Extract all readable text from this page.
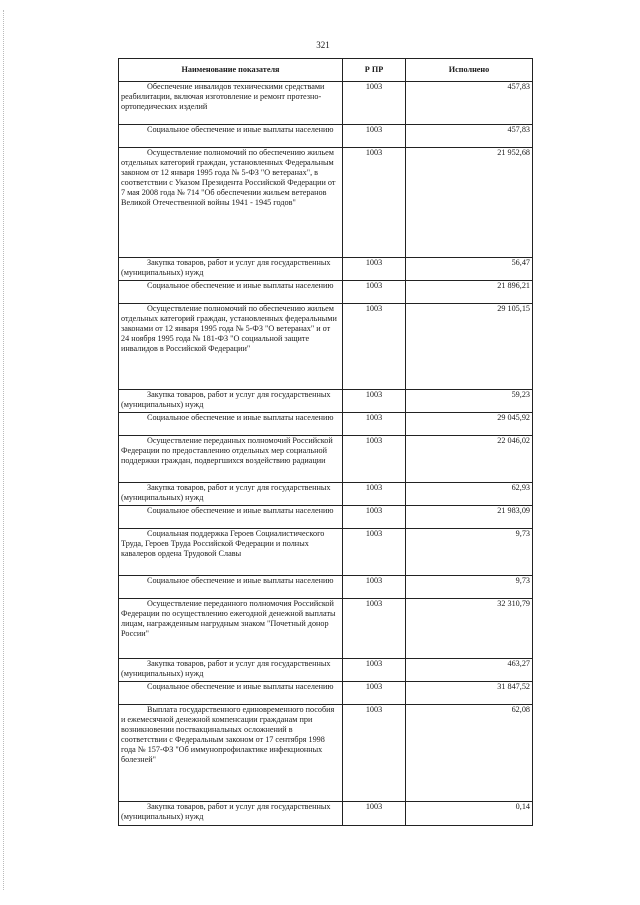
321
Наименование показателя	Р ПР	Исполнено
Обеспечение инвалидов техническими средствами реабилитации, включая изготовление и ремонт протезно-ортопедических изделий	1003	457,83
Социальное обеспечение и иные выплаты населению	1003	457,83
Осуществление полномочий по обеспечению жильем отдельных категорий граждан, установленных Федеральным законом от 12 января 1995 года № 5-ФЗ "О ветеранах", в соответствии с Указом Президента Российской Федерации от 7 мая 2008 года № 714 "Об обеспечении жильем ветеранов Великой Отечественной войны 1941 - 1945 годов"	1003	21 952,68
Закупка товаров, работ и услуг для государственных (муниципальных) нужд	1003	56,47
Социальное обеспечение и иные выплаты населению	1003	21 896,21
Осуществление полномочий по обеспечению жильем отдельных категорий граждан, установленных федеральными законами от 12 января 1995 года № 5-ФЗ "О ветеранах" и от 24 ноября 1995 года № 181-ФЗ "О социальной защите инвалидов в Российской Федерации"	1003	29 105,15
Закупка товаров, работ и услуг для государственных (муниципальных) нужд	1003	59,23
Социальное обеспечение и иные выплаты населению	1003	29 045,92
Осуществление переданных полномочий Российской Федерации по предоставлению отдельных мер социальной поддержки граждан, подвергшихся воздействию радиации	1003	22 046,02
Закупка товаров, работ и услуг для государственных (муниципальных) нужд	1003	62,93
Социальное обеспечение и иные выплаты населению	1003	21 983,09
Социальная поддержка Героев Социалистического Труда, Героев Труда Российской Федерации и полных кавалеров ордена Трудовой Славы	1003	9,73
Социальное обеспечение и иные выплаты населению	1003	9,73
Осуществление переданного полномочия Российской Федерации по осуществлению ежегодной денежной выплаты лицам, награжденным нагрудным знаком "Почетный донор России"	1003	32 310,79
Закупка товаров, работ и услуг для государственных (муниципальных) нужд	1003	463,27
Социальное обеспечение и иные выплаты населению	1003	31 847,52
Выплата государственного единовременного пособия и ежемесячной денежной компенсации гражданам при возникновении поствакцинальных осложнений в соответствии с Федеральным законом от 17 сентября 1998 года № 157-ФЗ "Об иммунопрофилактике инфекционных болезней"	1003	62,08
Закупка товаров, работ и услуг для государственных (муниципальных) нужд	1003	0,14
